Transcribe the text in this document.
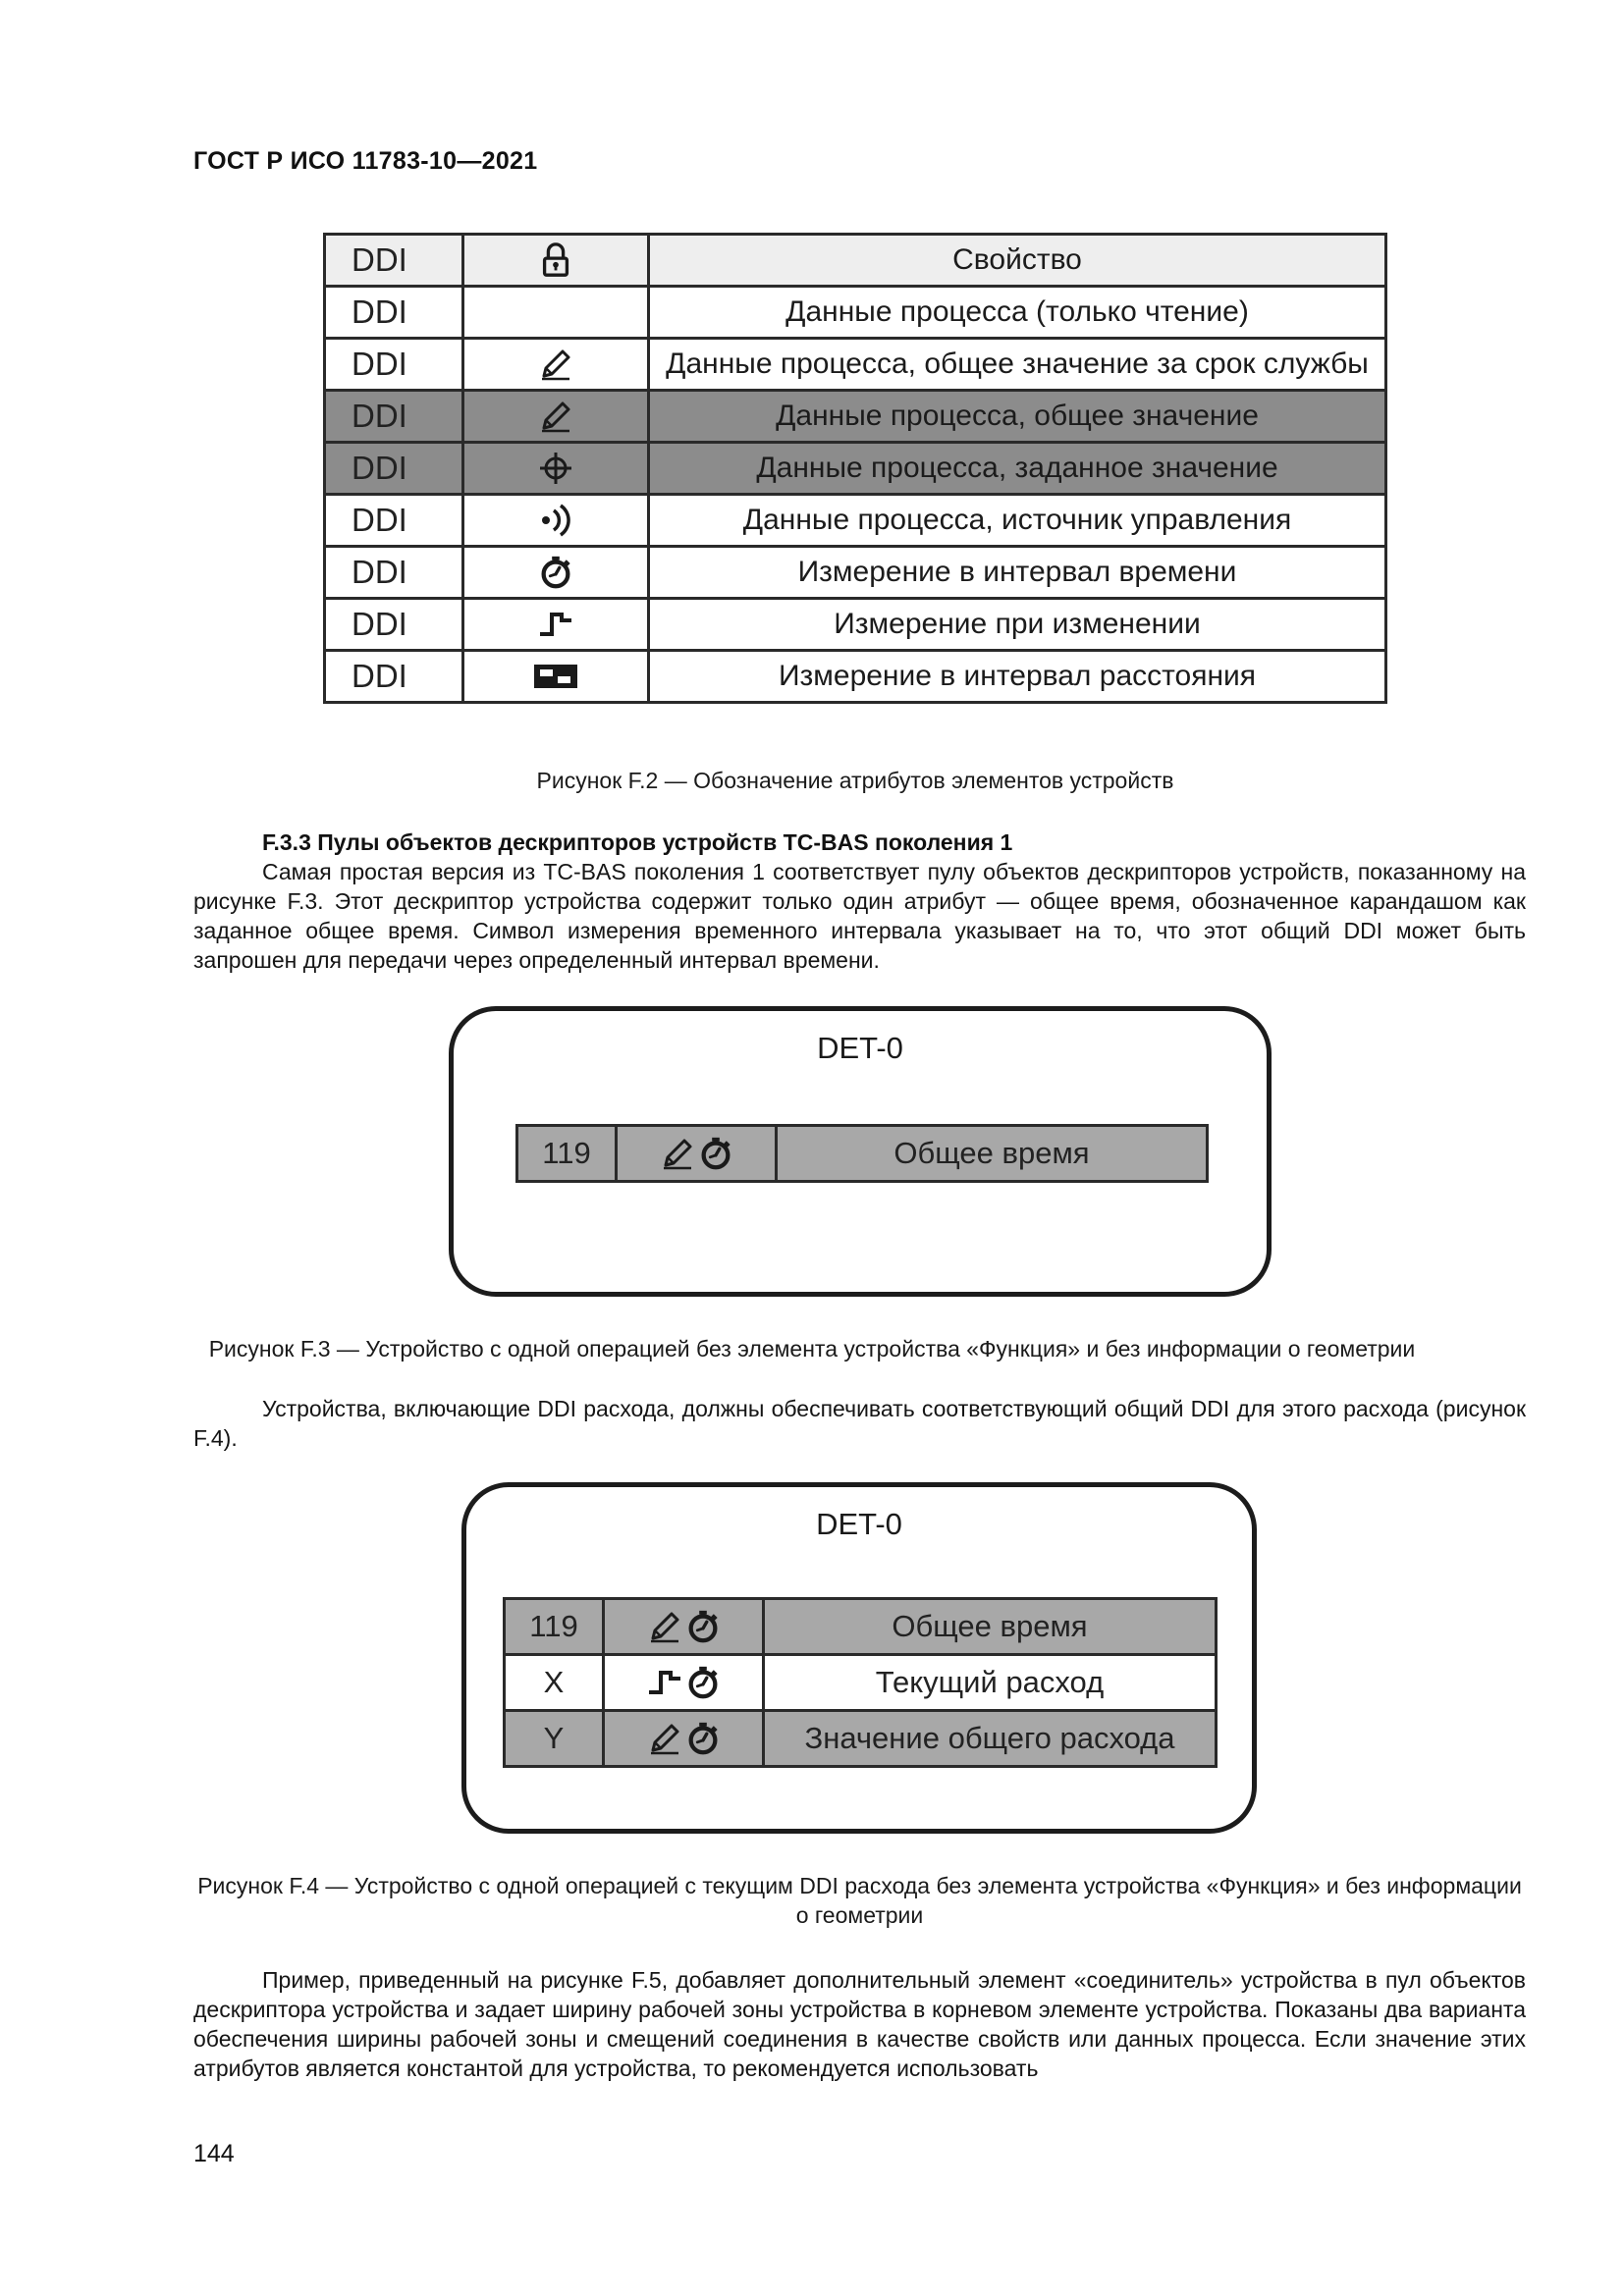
ГОСТ Р ИСО 11783-10—2021
DDI		Свойство
DDI		Данные процесса (только чтение)
DDI		Данные процесса, общее значение за срок службы
DDI		Данные процесса, общее значение
DDI		Данные процесса, заданное значение
DDI		Данные процесса, источник управления
DDI		Измерение в интервал времени
DDI		Измерение при изменении
DDI		Измерение в интервал расстояния
Рисунок F.2 — Обозначение атрибутов элементов устройств
F.3.3 Пулы объектов дескрипторов устройств TC-BAS поколения 1
Самая простая версия из TC-BAS поколения 1 соответствует пулу объектов дескрипторов устройств, показанному на рисунке F.3. Этот дескриптор устройства содержит только один атрибут — общее время, обозначенное карандашом как заданное общее время. Символ измерения временного интервала указывает на то, что этот общий DDI может быть запрошен для передачи через определенный интервал времени.
DET-0
119		Общее время
Рисунок F.3 — Устройство с одной операцией без элемента устройства «Функция» и без информации о геометрии
Устройства, включающие DDI расхода, должны обеспечивать соответствующий общий DDI для этого расхода (рисунок F.4).
DET-0
119		Общее время
X		Текущий расход
Y		Значение общего расхода
Рисунок F.4 — Устройство с одной операцией с текущим DDI расхода без элемента устройства «Функция» и без информации о геометрии
Пример, приведенный на рисунке F.5, добавляет дополнительный элемент «соединитель» устройства в пул объектов дескриптора устройства и задает ширину рабочей зоны устройства в корневом элементе устройства. Показаны два варианта обеспечения ширины рабочей зоны и смещений соединения в качестве свойств или данных процесса. Если значение этих атрибутов является константой для устройства, то рекомендуется использовать
144
